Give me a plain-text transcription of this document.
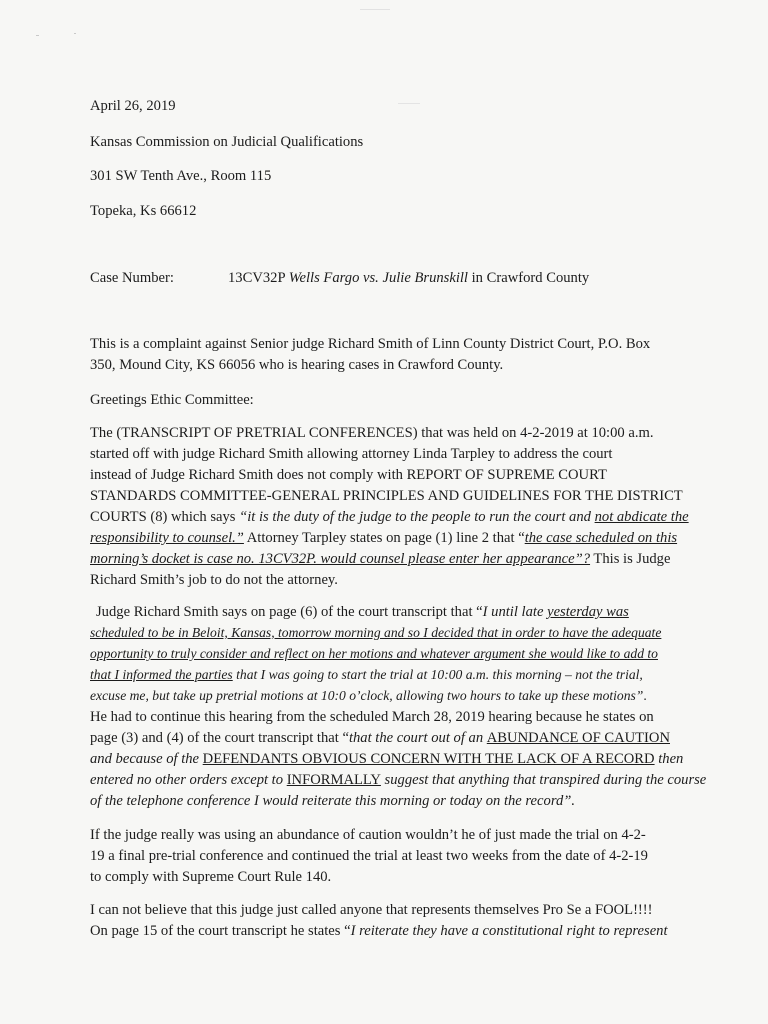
April 26, 2019
Kansas Commission on Judicial Qualifications
301 SW Tenth Ave., Room 115
Topeka, Ks 66612
Case Number:	13CV32P Wells Fargo vs. Julie Brunskill in Crawford County
This is a complaint against Senior judge Richard Smith of Linn County District Court, P.O. Box
350, Mound City, KS 66056 who is hearing cases in Crawford County.
Greetings Ethic Committee:
The (TRANSCRIPT OF PRETRIAL CONFERENCES) that was held on 4-2-2019 at 10:00 a.m.
started off with judge Richard Smith allowing attorney Linda Tarpley to address the court
instead of Judge Richard Smith does not comply with REPORT OF SUPREME COURT
STANDARDS COMMITTEE-GENERAL PRINCIPLES AND GUIDELINES FOR THE DISTRICT
COURTS (8) which says “it is the duty of the judge to the people to run the court and not abdicate the
responsibility to counsel.” Attorney Tarpley states on page (1) line 2 that “the case scheduled on this
morning’s docket is case no. 13CV32P. would counsel please enter her appearance”? This is Judge
Richard Smith’s job to do not the attorney.
Judge Richard Smith says on page (6) of the court transcript that “I until late yesterday was
scheduled to be in Beloit, Kansas, tomorrow morning and so I decided that in order to have the adequate
opportunity to truly consider and reflect on her motions and whatever argument she would like to add to
that I informed the parties that I was going to start the trial at 10:00 a.m. this morning – not the trial,
excuse me, but take up pretrial motions at 10:0 o’clock, allowing two hours to take up these motions”.
He had to continue this hearing from the scheduled March 28, 2019 hearing because he states on
page (3) and (4) of the court transcript that “that the court out of an ABUNDANCE OF CAUTION
and because of the DEFENDANTS OBVIOUS CONCERN WITH THE LACK OF A RECORD then
entered no other orders except to INFORMALLY suggest that anything that transpired during the course
of the telephone conference I would reiterate this morning or today on the record”.
If the judge really was using an abundance of caution wouldn’t he of just made the trial on 4-2-
19 a final pre-trial conference and continued the trial at least two weeks from the date of 4-2-19
to comply with Supreme Court Rule 140.
I can not believe that this judge just called anyone that represents themselves Pro Se a FOOL!!!!
On page 15 of the court transcript he states “I reiterate they have a constitutional right to represent
